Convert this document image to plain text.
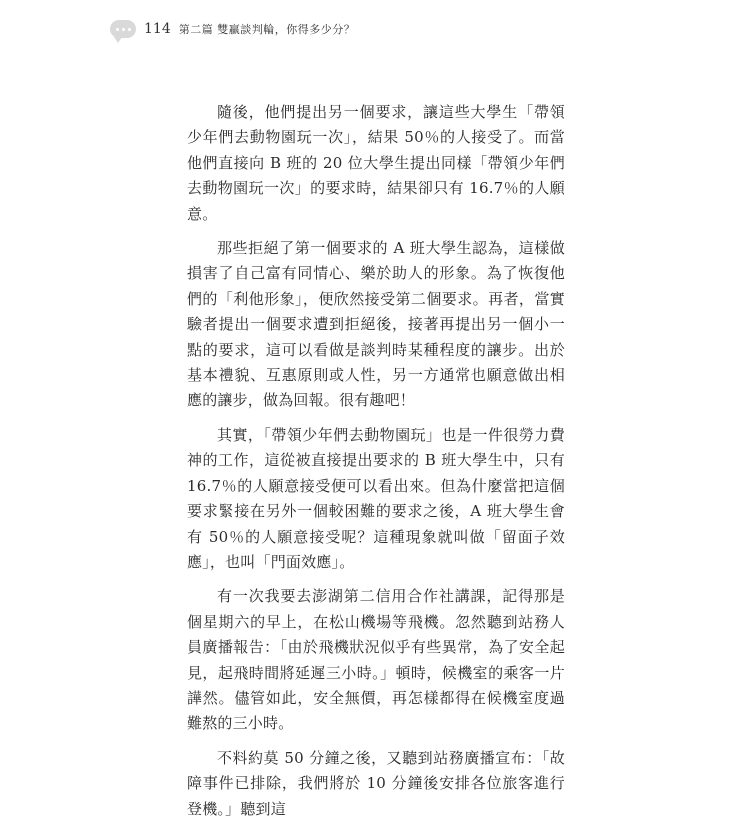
114 第二篇 雙贏談判輪，你得多少分？

隨後，他們提出另一個要求，讓這些大學生「帶領少年們去動物園玩一次」，結果 50％的人接受了。而當他們直接向 B 班的 20 位大學生提出同樣「帶領少年們去動物園玩一次」的要求時，結果卻只有 16.7％的人願意。

那些拒絕了第一個要求的 A 班大學生認為，這樣做損害了自己富有同情心、樂於助人的形象。為了恢復他們的「利他形象」，便欣然接受第二個要求。再者，當實驗者提出一個要求遭到拒絕後，接著再提出另一個小一點的要求，這可以看做是談判時某種程度的讓步。出於基本禮貌、互惠原則或人性，另一方通常也願意做出相應的讓步，做為回報。很有趣吧！

其實，「帶領少年們去動物園玩」也是一件很勞力費神的工作，這從被直接提出要求的 B 班大學生中，只有 16.7％的人願意接受便可以看出來。但為什麼當把這個要求緊接在另外一個較困難的要求之後，A 班大學生會有 50％的人願意接受呢？這種現象就叫做「留面子效應」，也叫「門面效應」。

有一次我要去澎湖第二信用合作社講課，記得那是個星期六的早上，在松山機場等飛機。忽然聽到站務人員廣播報告：「由於飛機狀況似乎有些異常，為了安全起見，起飛時間將延遲三小時。」頓時，候機室的乘客一片譁然。儘管如此，安全無價，再怎樣都得在候機室度過難熬的三小時。

不料約莫 50 分鐘之後，又聽到站務廣播宣布：「故障事件已排除，我們將於 10 分鐘後安排各位旅客進行登機。」聽到這
